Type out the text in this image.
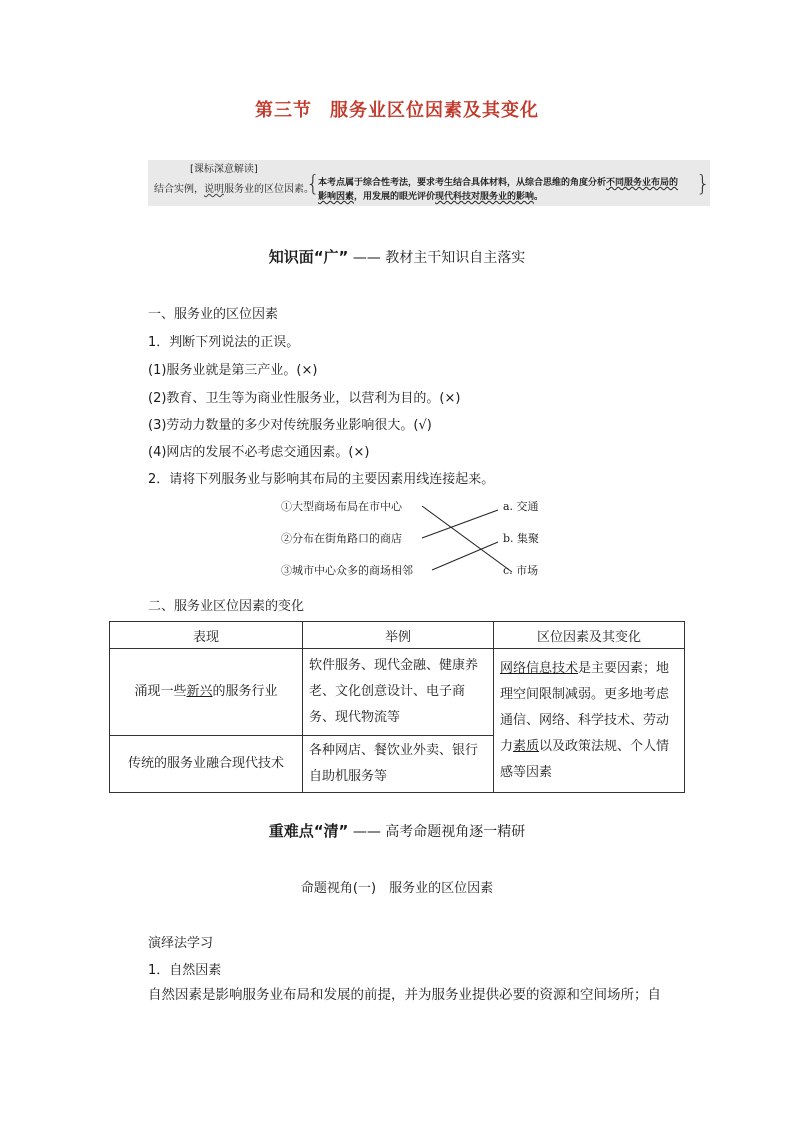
第三节 服务业区位因素及其变化
[课标深意解读]
结合实例，说明服务业的区位因素。
{	}
本考点属于综合性考法，要求考生结合具体材料，从综合思维的角度分析不同服务业布局的
影响因素，用发展的眼光评价现代科技对服务业的影响。
知识面“广” —— 教材主干知识自主落实
一、服务业的区位因素
1．判断下列说法的正误。
(1)服务业就是第三产业。(×)
(2)教育、卫生等为商业性服务业，以营利为目的。(×)
(3)劳动力数量的多少对传统服务业影响很大。(√)
(4)网店的发展不必考虑交通因素。(×)
2．请将下列服务业与影响其布局的主要因素用线连接起来。
①大型商场布局在市中心
②分布在街角路口的商店
③城市中心众多的商场相邻
a. 交通
b. 集聚
c. 市场
二、服务业区位因素的变化
表现	举例	区位因素及其变化
涌现一些新兴的服务行业	软件服务、现代金融、健康养老、文化创意设计、电子商务、现代物流等	网络信息技术是主要因素；地理空间限制减弱。更多地考虑通信、网络、科学技术、劳动力素质以及政策法规、个人情感等因素
传统的服务业融合现代技术	各种网店、餐饮业外卖、银行自助机服务等	
重难点“清” —— 高考命题视角逐一精研
命题视角(一)　服务业的区位因素
演绎法学习
1．自然因素
自然因素是影响服务业布局和发展的前提，并为服务业提供必要的资源和空间场所；自
